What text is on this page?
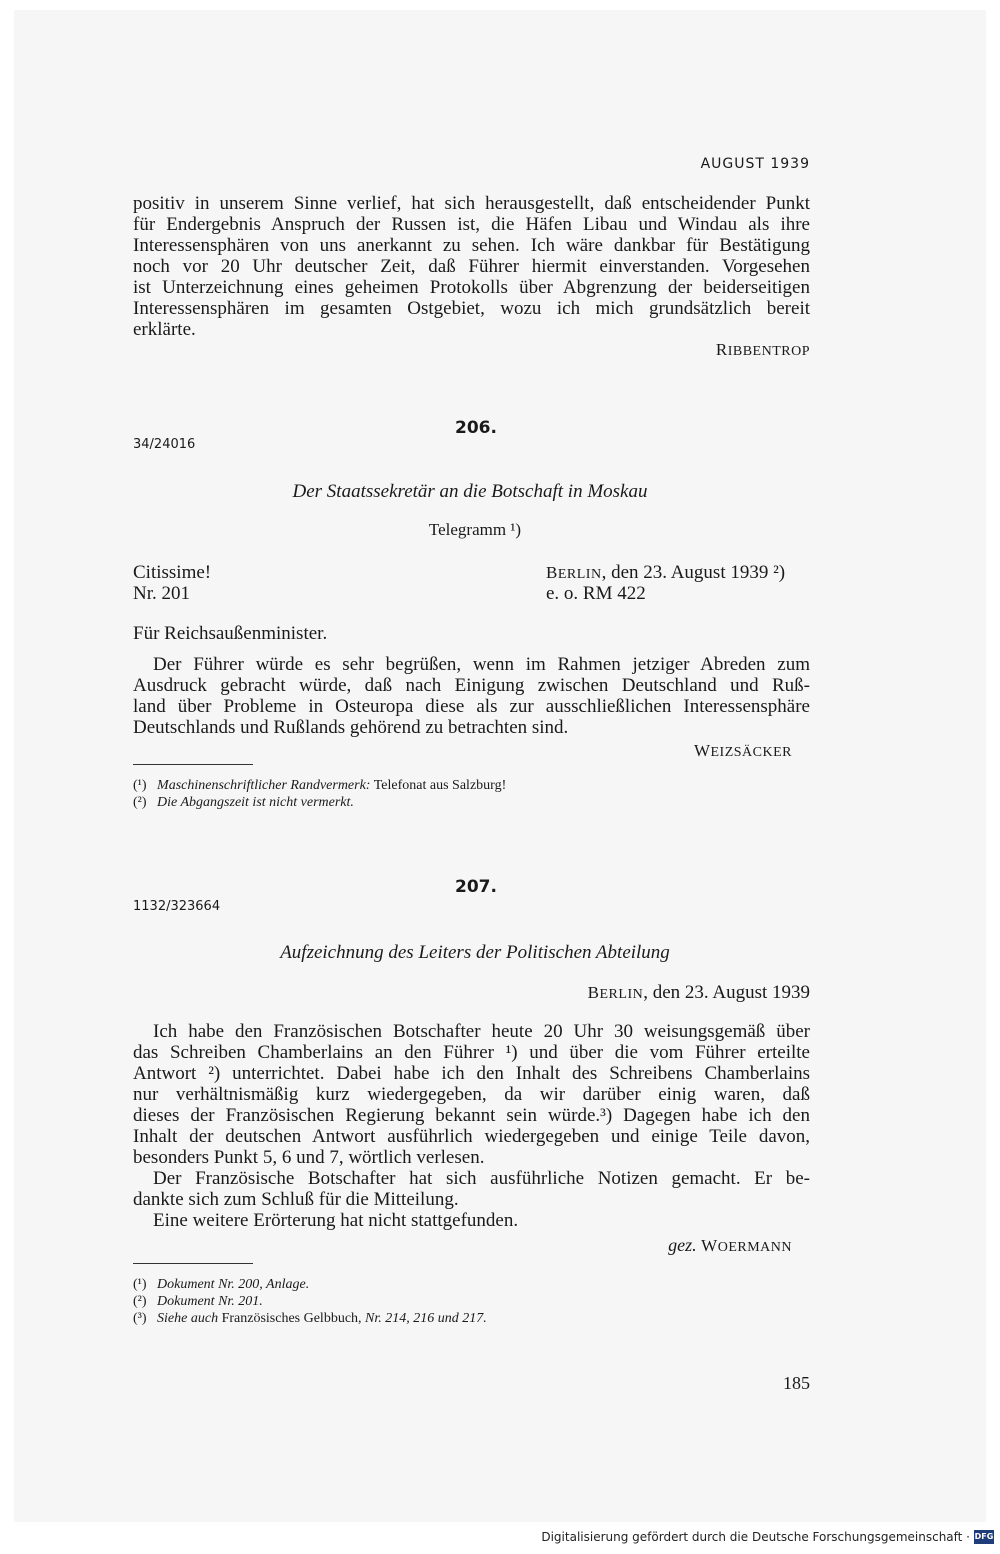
AUGUST 1939
positiv in unserem Sinne verlief, hat sich herausgestellt, daß entscheidender Punkt
für Endergebnis Anspruch der Russen ist, die Häfen Libau und Windau als ihre
Interessensphären von uns anerkannt zu sehen. Ich wäre dankbar für Bestätigung
noch vor 20 Uhr deutscher Zeit, daß Führer hiermit einverstanden. Vorgesehen
ist Unterzeichnung eines geheimen Protokolls über Abgrenzung der beiderseitigen
Interessensphären im gesamten Ostgebiet, wozu ich mich grundsätzlich bereit
erklärte.
RIBBENTROP
206.
34/24016
Der Staatssekretär an die Botschaft in Moskau
Telegramm ¹)
Citissime!
Nr. 201
BERLIN, den 23. August 1939 ²)
e. o. RM 422
Für Reichsaußenminister.
Der Führer würde es sehr begrüßen, wenn im Rahmen jetziger Abreden zum
Ausdruck gebracht würde, daß nach Einigung zwischen Deutschland und Ruß-
land über Probleme in Osteuropa diese als zur ausschließlichen Interessensphäre
Deutschlands und Rußlands gehörend zu betrachten sind.
WEIZSÄCKER
(¹) Maschinenschriftlicher Randvermerk: Telefonat aus Salzburg!
(²) Die Abgangszeit ist nicht vermerkt.
207.
1132/323664
Aufzeichnung des Leiters der Politischen Abteilung
BERLIN, den 23. August 1939
Ich habe den Französischen Botschafter heute 20 Uhr 30 weisungsgemäß über
das Schreiben Chamberlains an den Führer ¹) und über die vom Führer erteilte
Antwort ²) unterrichtet. Dabei habe ich den Inhalt des Schreibens Chamberlains
nur verhältnismäßig kurz wiedergegeben, da wir darüber einig waren, daß
dieses der Französischen Regierung bekannt sein würde.³) Dagegen habe ich den
Inhalt der deutschen Antwort ausführlich wiedergegeben und einige Teile davon,
besonders Punkt 5, 6 und 7, wörtlich verlesen.
Der Französische Botschafter hat sich ausführliche Notizen gemacht. Er be-
dankte sich zum Schluß für die Mitteilung.
Eine weitere Erörterung hat nicht stattgefunden.
gez. WOERMANN
(¹) Dokument Nr. 200, Anlage.
(²) Dokument Nr. 201.
(³) Siehe auch Französisches Gelbbuch, Nr. 214, 216 und 217.
185
Digitalisierung gefördert durch die Deutsche Forschungsgemeinschaft · DFG
